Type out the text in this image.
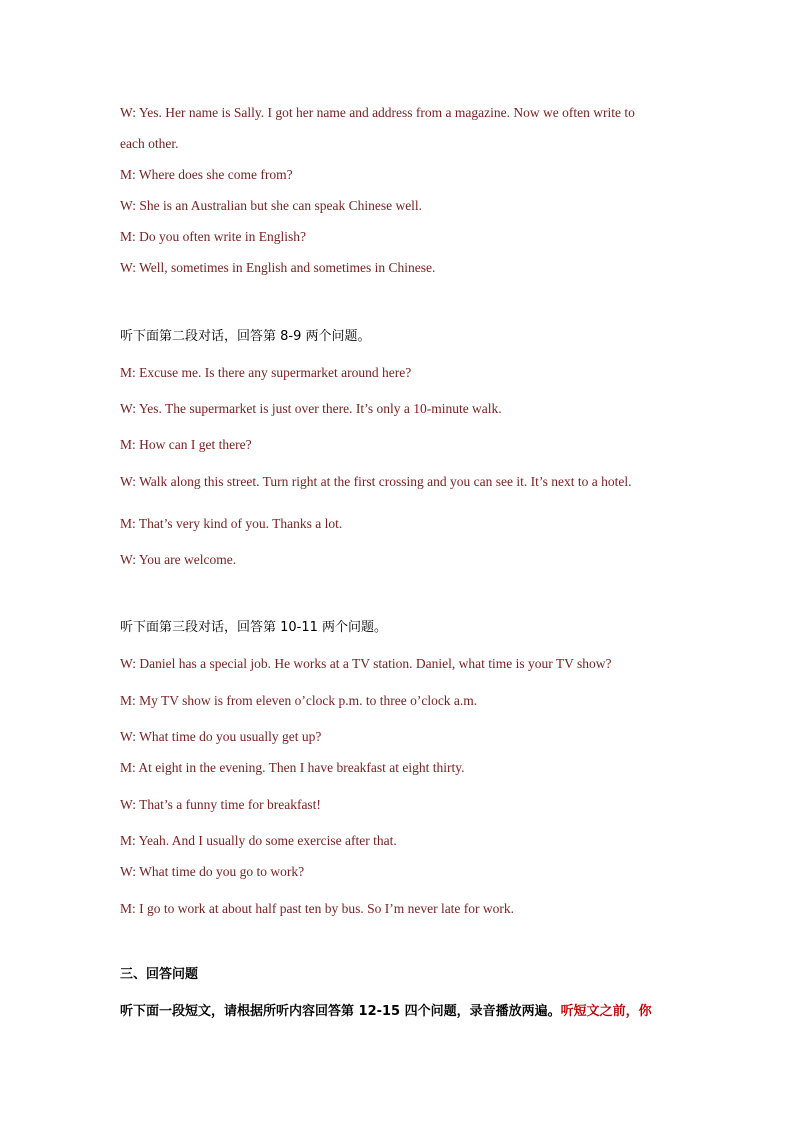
W: Yes. Her name is Sally. I got her name and address from a magazine. Now we often write to
each other.
M: Where does she come from?
W: She is an Australian but she can speak Chinese well.
M: Do you often write in English?
W: Well, sometimes in English and sometimes in Chinese.
听下面第二段对话，回答第 8-9 两个问题。
M: Excuse me. Is there any supermarket around here?
W: Yes. The supermarket is just over there. It’s only a 10-minute walk.
M: How can I get there?
W: Walk along this street. Turn right at the first crossing and you can see it. It’s next to a hotel.
M: That’s very kind of you. Thanks a lot.
W: You are welcome.
听下面第三段对话，回答第 10-11 两个问题。
W: Daniel has a special job. He works at a TV station. Daniel, what time is your TV show?
M: My TV show is from eleven o’clock p.m. to three o’clock a.m.
W: What time do you usually get up?
M: At eight in the evening. Then I have breakfast at eight thirty.
W: That’s a funny time for breakfast!
M: Yeah. And I usually do some exercise after that.
W: What time do you go to work?
M: I go to work at about half past ten by bus. So I’m never late for work.
三、回答问题
听下面一段短文，请根据所听内容回答第 12-15 四个问题，录音播放两遍。听短文之前，你
